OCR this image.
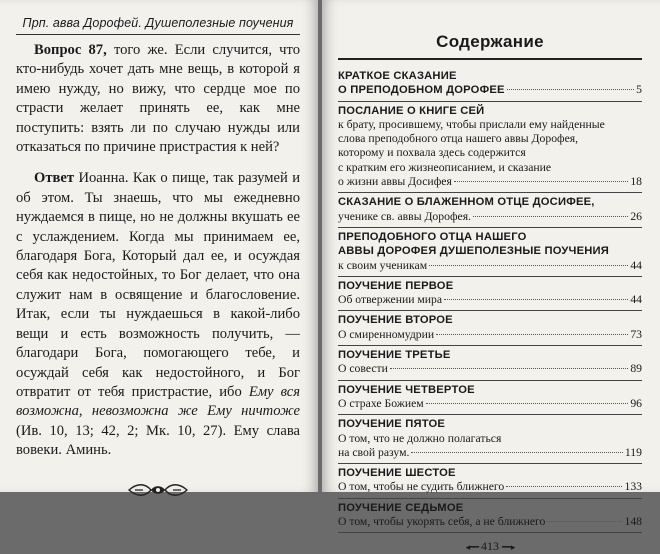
Прп. авва Дорофей. Душеполезные поучения

Вопрос 87, того же. Если случится, что кто-нибудь хочет дать мне вещь, в которой я имею нужду, но вижу, что сердце мое по страсти желает принять ее, как мне поступить: взять ли по случаю нужды или отказаться по причине пристрастия к ней?

Ответ Иоанна. Как о пище, так разумей и об этом. Ты знаешь, что мы ежедневно нуждаемся в пище, но не должны вкушать ее с услаждением. Когда мы принимаем ее, благодаря Бога, Который дал ее, и осуждая себя как недостойных, то Бог делает, что она служит нам в освящение и благословение. Итак, если ты нуждаешься в какой-либо вещи и есть возможность получить, — благодари Бога, помогающего тебе, и осуждай себя как недостойного, и Бог отвратит от тебя пристрастие, ибо Ему вся возможна, невозможна же Ему ничтоже (Ив. 10, 13; 42, 2; Мк. 10, 27). Ему слава вовеки. Аминь.

Содержание
КРАТКОЕ СКАЗАНИЕ
О ПРЕПОДОБНОМ ДОРОФЕЕ	5
ПОСЛАНИЕ О КНИГЕ СЕЙ
к брату, просившему, чтобы прислали ему найденные
слова преподобного отца нашего аввы Дорофея,
которому и похвала здесь содержится
с кратким его жизнеописанием, и сказание
о жизни аввы Досифея	18
СКАЗАНИЕ О БЛАЖЕННОМ ОТЦЕ ДОСИФЕЕ,
ученике св. аввы Дорофея.	26
ПРЕПОДОБНОГО ОТЦА НАШЕГО
АВВЫ ДОРОФЕЯ ДУШЕПОЛЕЗНЫЕ ПОУЧЕНИЯ
к своим ученикам	44
ПОУЧЕНИЕ ПЕРВОЕ
Об отвержении мира	44
ПОУЧЕНИЕ ВТОРОЕ
О смиренномудрии	73
ПОУЧЕНИЕ ТРЕТЬЕ
О совести	89
ПОУЧЕНИЕ ЧЕТВЕРТОЕ
О страхе Божием	96
ПОУЧЕНИЕ ПЯТОЕ
О том, что не должно полагаться
на свой разум.	119
ПОУЧЕНИЕ ШЕСТОЕ
О том, чтобы не судить ближнего	133
ПОУЧЕНИЕ СЕДЬМОЕ
О том, чтобы укорять себя, а не ближнего	148
◂━━ 413 ━━▸
